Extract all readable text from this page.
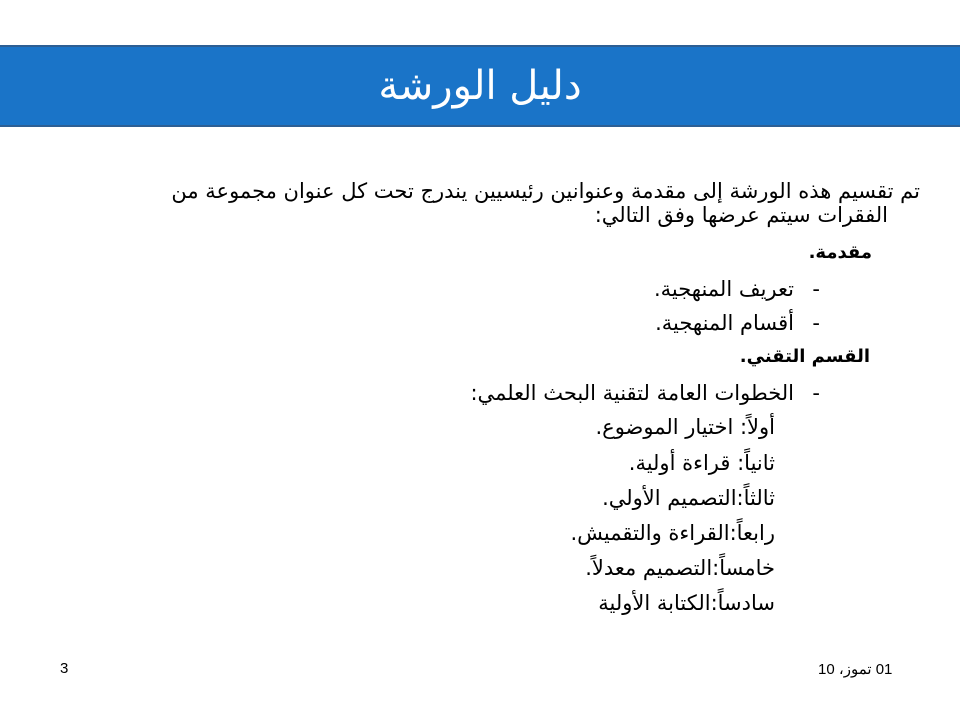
دليل الورشة
تم تقسيم هذه الورشة إلى مقدمة وعنوانين رئيسيين يندرج تحت كل عنوان مجموعة من
الفقرات سيتم عرضها وفق التالي:
مقدمة.
-
تعريف المنهجية.
-
أقسام المنهجية.
القسم التقني.
-
الخطوات العامة لتقنية البحث العلمي:
أولاً: اختيار الموضوع.
ثانياً: قراءة أولية.
ثالثاً:التصميم الأولي.
رابعاً:القراءة والتقميش.
خامساً:التصميم معدلاً.
سادساً:الكتابة الأولية
01 تموز، 10
3
